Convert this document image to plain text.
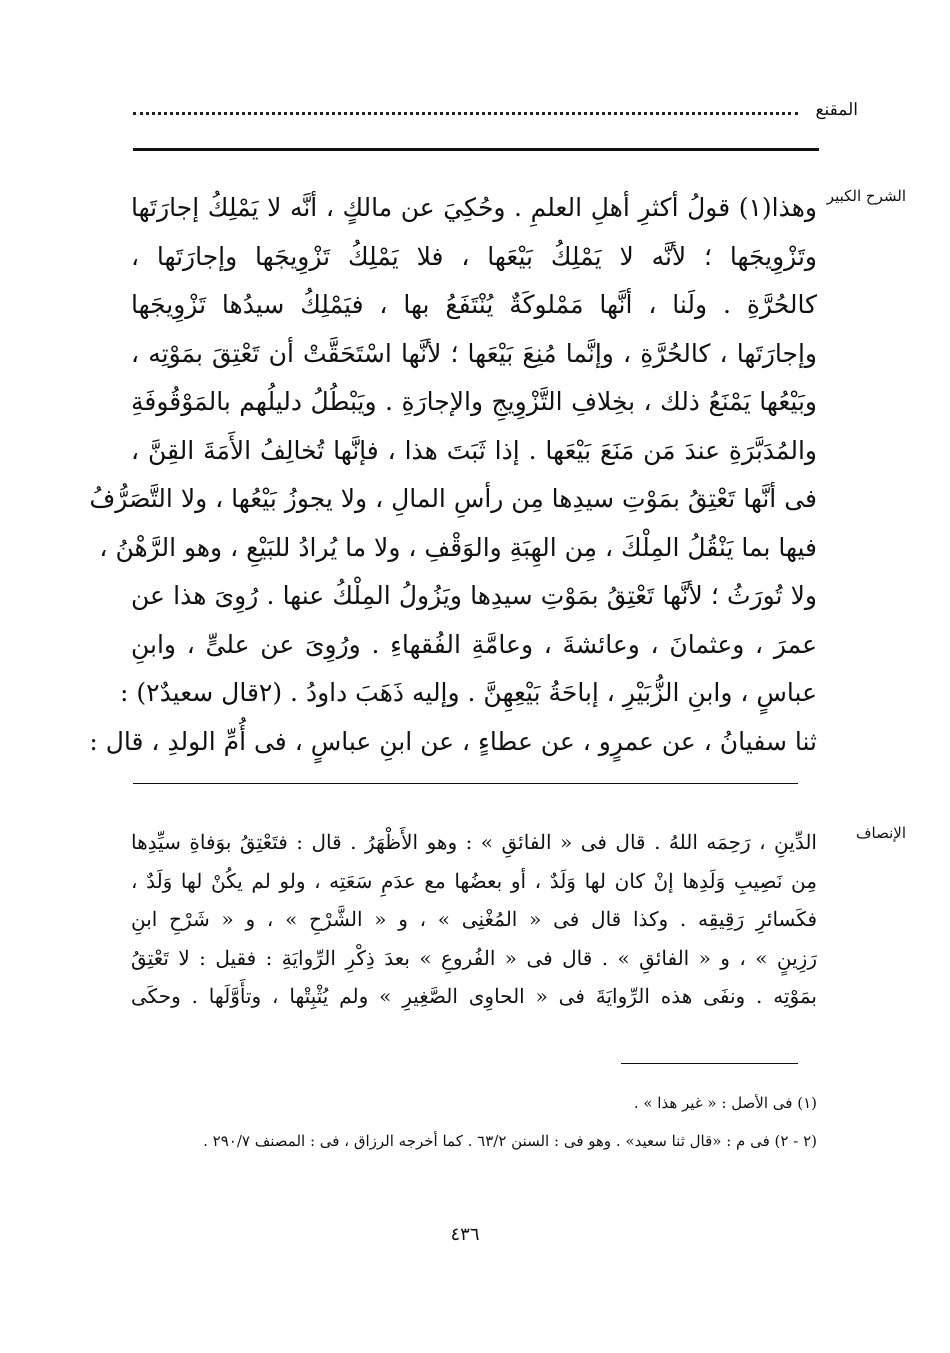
المقنع
الشرح الكبير
وهذا(١) قولُ أكثرِ أهلِ العلمِ . وحُكِيَ عن مالكٍ ، أنَّه لا يَمْلِكُ إجارَتَها
وتَزْوِيجَها ؛ لأنَّه لا يَمْلِكُ بَيْعَها ، فلا يَمْلِكُ تَزْوِيجَها وإجارَتَها ،
كالحُرَّةِ . ولَنا ، أنَّها مَمْلوكَةٌ يُنْتَفَعُ بها ، فيَمْلِكُ سيدُها تَزْوِيجَها
وإجارَتَها ، كالحُرَّةِ ، وإنَّما مُنِعَ بَيْعَها ؛ لأنَّها اسْتَحَقَّتْ أن تَعْتِقَ بمَوْتِه ،
وبَيْعُها يَمْنَعُ ذلك ، بخِلافِ التَّزْوِيجِ والإجارَةِ . ويَبْطُلُ دليلُهم بالمَوْقُوفَةِ
والمُدَبَّرَةِ عندَ مَن مَنَعَ بَيْعَها . إذا ثَبَتَ هذا ، فإنَّها تُخالِفُ الأَمَةَ القِنَّ ،
فى أنَّها تَعْتِقُ بمَوْتِ سيدِها مِن رأسِ المالِ ، ولا يجوزُ بَيْعُها ، ولا التَّصَرُّفُ
فيها بما يَنْقُلُ المِلْكَ ، مِن الهِبَةِ والوَقْفِ ، ولا ما يُرادُ للبَيْعِ ، وهو الرَّهْنُ ،
ولا تُورَثُ ؛ لأنَّها تَعْتِقُ بمَوْتِ سيدِها ويَزُولُ المِلْكُ عنها . رُوِىَ هذا عن
عمرَ ، وعثمانَ ، وعائشةَ ، وعامَّةِ الفُقهاءِ . ورُوِىَ عن علىٍّ ، وابنِ
عباسٍ ، وابنِ الزُّبَيْرِ ، إباحَةُ بَيْعِهِنَّ . وإليه ذَهَبَ داودُ . (٢قال سعيدٌ٢) :
ثنا سفيانُ ، عن عمرٍو ، عن عطاءٍ ، عن ابنِ عباسٍ ، فى أُمِّ الولدِ ، قال :
الإنصاف
الدِّينِ ، رَحِمَه اللهُ . قال فى « الفائقِ » : وهو الأَظْهَرُ . قال : فتَعْتِقُ بوَفاةِ سيِّدِها
مِن نَصِيبِ وَلَدِها إنْ كان لها وَلَدٌ ، أو بعضُها مع عدَمِ سَعَتِه ، ولو لم يكُنْ لها وَلَدٌ ،
فكَسائرِ رَقِيقِه . وكذا قال فى « المُغْنِى » ، و « الشَّرْحِ » ، و « شَرْحِ ابنِ
رَزِينٍ » ، و « الفائقِ » . قال فى « الفُروعِ » بعدَ ذِكْرِ الرِّوايَةِ : فقيل : لا تَعْتِقُ
بمَوْتِه . ونفَى هذه الرِّوايَةَ فى « الحاوِى الصَّغِيرِ » ولم يُثْبِتْها ، وتأَوَّلَها . وحكَى
(١) فى الأصل : « غير هذا » .
(٢ - ٢) فى م : «قال ثنا سعيد» . وهو فى : السنن ٦٣/٢ . كما أخرجه الرزاق ، فى : المصنف ٢٩٠/٧ .
٤٣٦
